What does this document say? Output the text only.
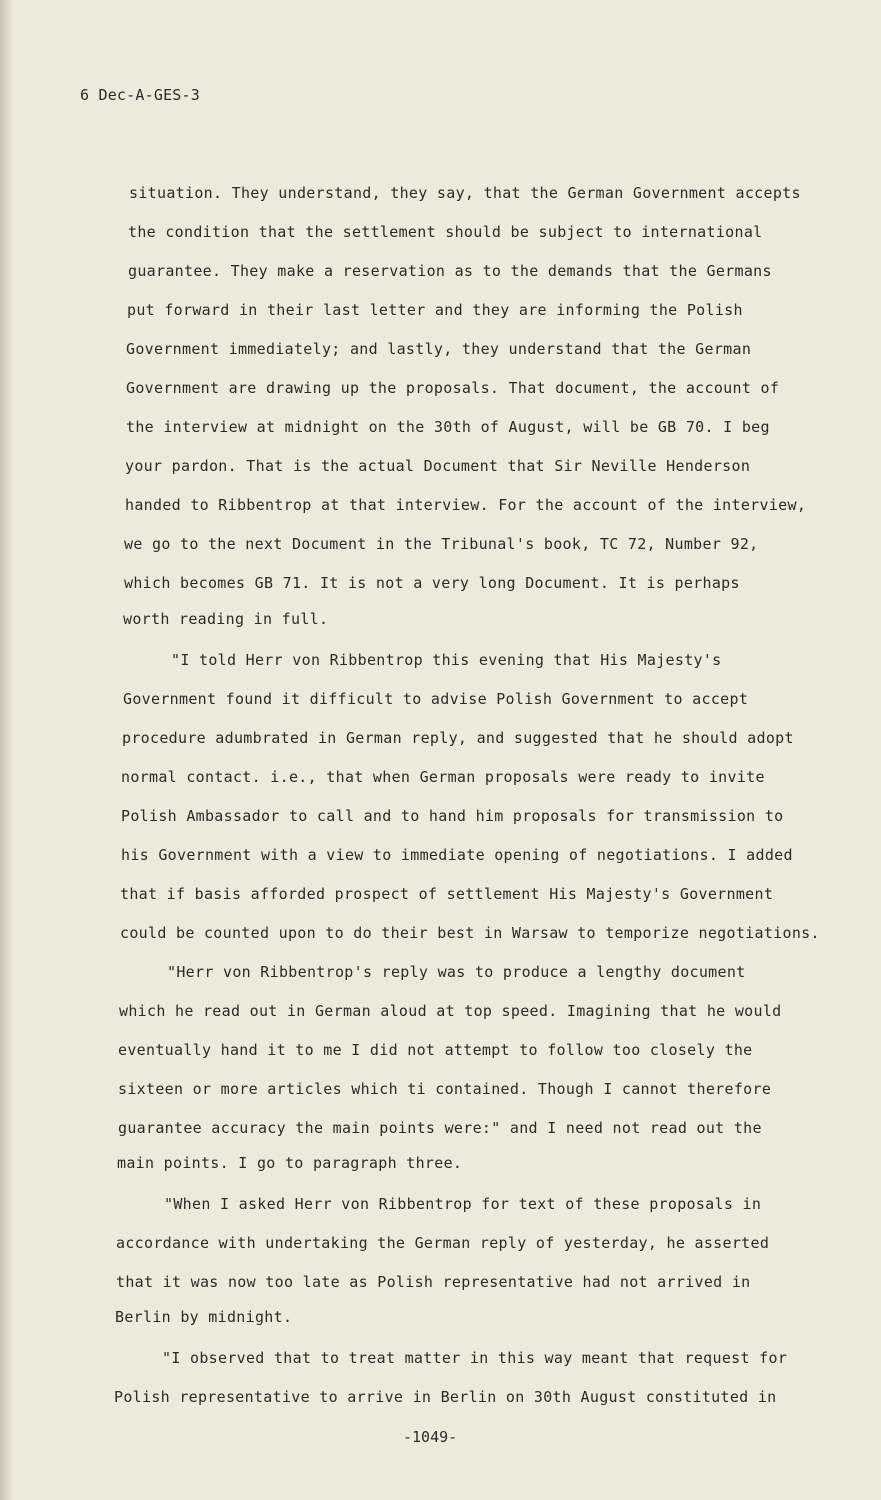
6 Dec-A-GES-3
situation. They understand, they say, that the German Government accepts
the condition that the settlement should be subject to international
guarantee. They make a reservation as to the demands that the Germans
put forward in their last letter and they are informing the Polish
Government immediately; and lastly, they understand that the German
Government are drawing up the proposals. That document, the account of
the interview at midnight on the 30th of August, will be GB 70. I beg
your pardon. That is the actual Document that Sir Neville Henderson
handed to Ribbentrop at that interview. For the account of the interview,
we go to the next Document in the Tribunal's book, TC 72, Number 92,
which becomes GB 71. It is not a very long Document. It is perhaps
worth reading in full.
"I told Herr von Ribbentrop this evening that His Majesty's
Government found it difficult to advise Polish Government to accept
procedure adumbrated in German reply, and suggested that he should adopt
normal contact. i.e., that when German proposals were ready to invite
Polish Ambassador to call and to hand him proposals for transmission to
his Government with a view to immediate opening of negotiations. I added
that if basis afforded prospect of settlement His Majesty's Government
could be counted upon to do their best in Warsaw to temporize negotiations.
"Herr von Ribbentrop's reply was to produce a lengthy document
which he read out in German aloud at top speed. Imagining that he would
eventually hand it to me I did not attempt to follow too closely the
sixteen or more articles which ti contained. Though I cannot therefore
guarantee accuracy the main points were:" and I need not read out the
main points. I go to paragraph three.
"When I asked Herr von Ribbentrop for text of these proposals in
accordance with undertaking the German reply of yesterday, he asserted
that it was now too late as Polish representative had not arrived in
Berlin by midnight.
"I observed that to treat matter in this way meant that request for
Polish representative to arrive in Berlin on 30th August constituted in
-1049-
